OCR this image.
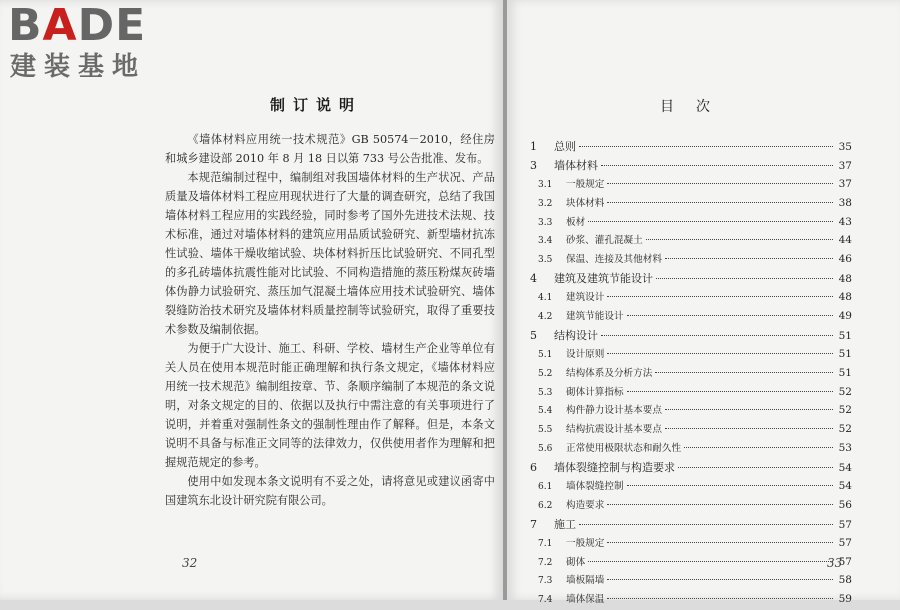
BADE
建装基地
制订说明

《墙体材料应用统一技术规范》GB 50574－2010，经住房和城乡建设部 2010 年 8 月 18 日以第 733 号公告批准、发布。

本规范编制过程中，编制组对我国墙体材料的生产状况、产品质量及墙体材料工程应用现状进行了大量的调查研究，总结了我国墙体材料工程应用的实践经验，同时参考了国外先进技术法规、技术标准，通过对墙体材料的建筑应用品质试验研究、新型墙材抗冻性试验、墙体干燥收缩试验、块体材料折压比试验研究、不同孔型的多孔砖墙体抗震性能对比试验、不同构造措施的蒸压粉煤灰砖墙体伪静力试验研究、蒸压加气混凝土墙体应用技术试验研究、墙体裂缝防治技术研究及墙体材料质量控制等试验研究，取得了重要技术参数及编制依据。

为便于广大设计、施工、科研、学校、墙材生产企业等单位有关人员在使用本规范时能正确理解和执行条文规定，《墙体材料应用统一技术规范》编制组按章、节、条顺序编制了本规范的条文说明，对条文规定的目的、依据以及执行中需注意的有关事项进行了说明，并着重对强制性条文的强制性理由作了解释。但是，本条文说明不具备与标准正文同等的法律效力，仅供使用者作为理解和把握规范规定的参考。

使用中如发现本条文说明有不妥之处，请将意见或建议函寄中国建筑东北设计研究院有限公司。

32
目次
1	总则	35
3	墙体材料	37
3.1	一般规定	37
3.2	块体材料	38
3.3	板材	43
3.4	砂浆、灌孔混凝土	44
3.5	保温、连接及其他材料	46
4	建筑及建筑节能设计	48
4.1	建筑设计	48
4.2	建筑节能设计	49
5	结构设计	51
5.1	设计原则	51
5.2	结构体系及分析方法	51
5.3	砌体计算指标	52
5.4	构件静力设计基本要点	52
5.5	结构抗震设计基本要点	52
5.6	正常使用极限状态和耐久性	53
6	墙体裂缝控制与构造要求	54
6.1	墙体裂缝控制	54
6.2	构造要求	56
7	施工	57
7.1	一般规定	57
7.2	砌体	57
7.3	墙板隔墙	58
7.4	墙体保温	59
33
